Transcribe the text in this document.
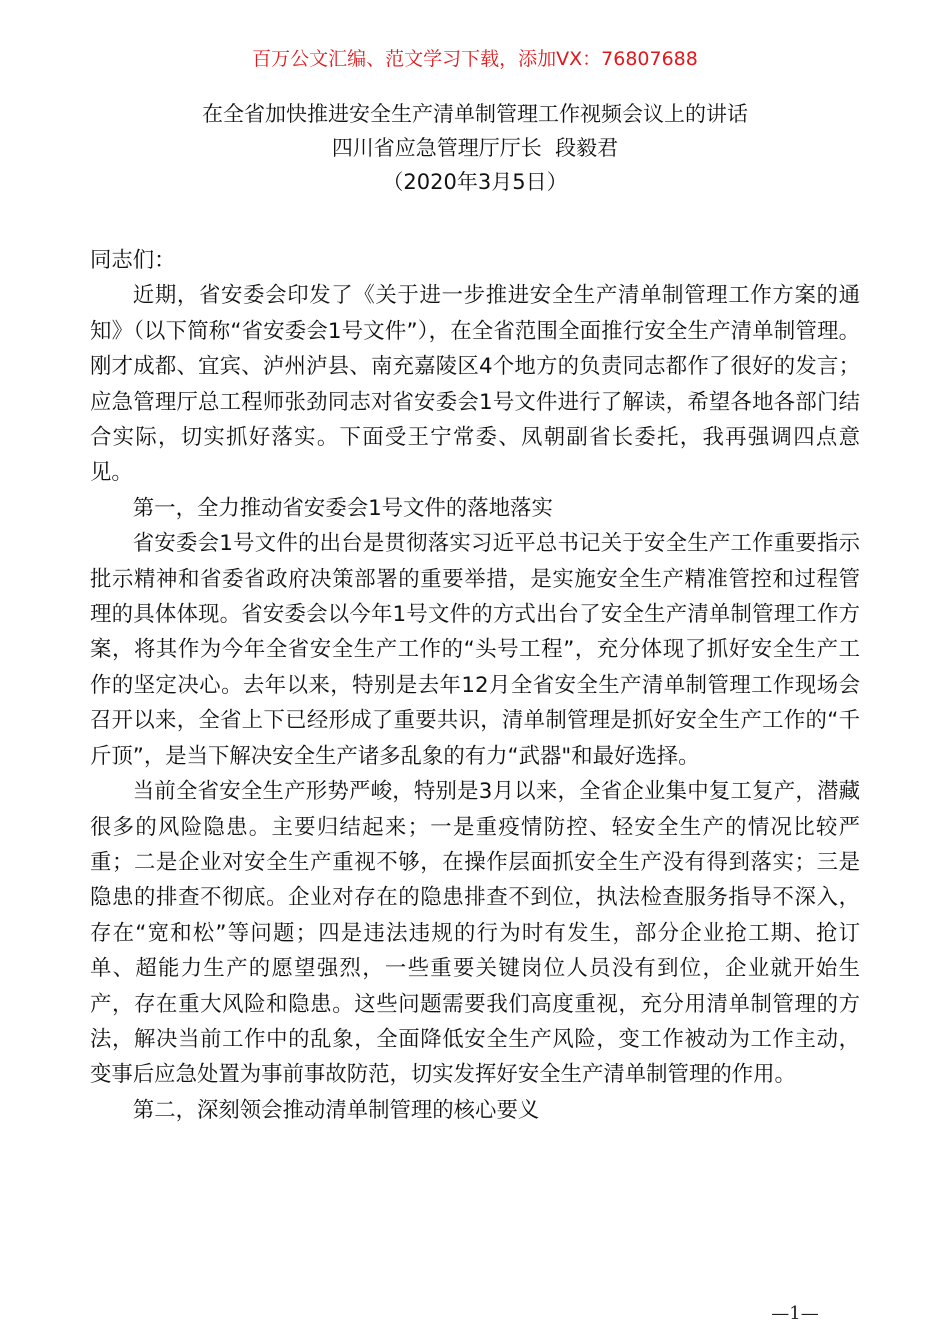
百万公文汇编、范文学习下载，添加VX：76807688
在全省加快推进安全生产清单制管理工作视频会议上的讲话
四川省应急管理厅厅长  段毅君
（2020年3月5日）

同志们：

近期，省安委会印发了《关于进一步推进安全生产清单制管理工作方案的通知》（以下简称“省安委会1号文件”），在全省范围全面推行安全生产清单制管理。刚才成都、宜宾、泸州泸县、南充嘉陵区4个地方的负责同志都作了很好的发言；应急管理厅总工程师张劲同志对省安委会1号文件进行了解读，希望各地各部门结合实际，切实抓好落实。下面受王宁常委、凤朝副省长委托，我再强调四点意见。

第一，全力推动省安委会1号文件的落地落实

省安委会1号文件的出台是贯彻落实习近平总书记关于安全生产工作重要指示批示精神和省委省政府决策部署的重要举措，是实施安全生产精准管控和过程管理的具体体现。省安委会以今年1号文件的方式出台了安全生产清单制管理工作方案，将其作为今年全省安全生产工作的“头号工程”，充分体现了抓好安全生产工作的坚定决心。去年以来，特别是去年12月全省安全生产清单制管理工作现场会召开以来，全省上下已经形成了重要共识，清单制管理是抓好安全生产工作的“千斤顶”，是当下解决安全生产诸多乱象的有力“武器"和最好选择。

当前全省安全生产形势严峻，特别是3月以来，全省企业集中复工复产，潜藏很多的风险隐患。主要归结起来；一是重疫情防控、轻安全生产的情况比较严重；二是企业对安全生产重视不够，在操作层面抓安全生产没有得到落实；三是隐患的排查不彻底。企业对存在的隐患排查不到位，执法检查服务指导不深入，存在“宽和松”等问题；四是违法违规的行为时有发生，部分企业抢工期、抢订单、超能力生产的愿望强烈，一些重要关键岗位人员没有到位，企业就开始生产，存在重大风险和隐患。这些问题需要我们高度重视，充分用清单制管理的方法，解决当前工作中的乱象，全面降低安全生产风险，变工作被动为工作主动，变事后应急处置为事前事故防范，切实发挥好安全生产清单制管理的作用。

第二，深刻领会推动清单制管理的核心要义

—1—
